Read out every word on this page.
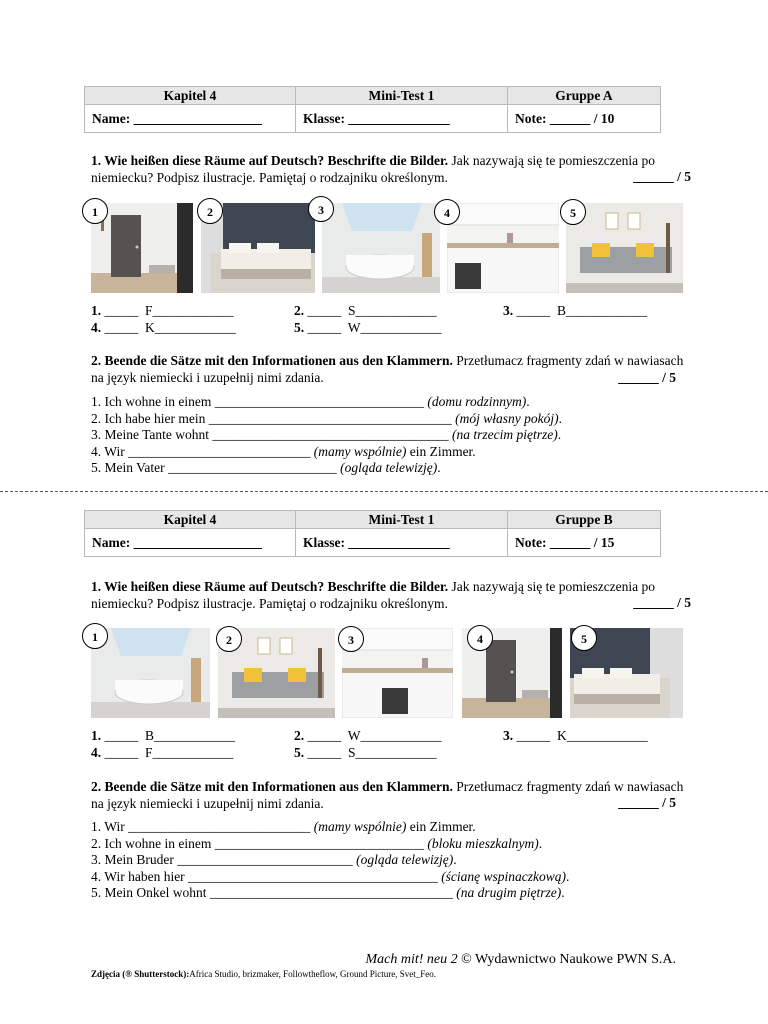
Kapitel 4	Mini-Test 1	Gruppe A
Name: ___________________	Klasse: _______________	Note: ______ / 10
1. Wie heißen diese Räume auf Deutsch? Beschrifte die Bilder. Jak nazywają się te pomieszczenia po niemiecku? Podpisz ilustracje. Pamiętaj o rodzajniku określonym.	______ / 5
1	2	3	4	5
1. _____ F____________	2. _____ S____________	3. _____ B____________
4. _____ K____________	5. _____ W____________
2. Beende die Sätze mit den Informationen aus den Klammern. Przetłumacz fragmenty zdań w nawiasach na język niemiecki i uzupełnij nimi zdania.	______ / 5
1. Ich wohne in einem _______________________________ (domu rodzinnym).
2. Ich habe hier mein ____________________________________ (mój własny pokój).
3. Meine Tante wohnt ___________________________________ (na trzecim piętrze).
4. Wir ___________________________ (mamy wspólnie) ein Zimmer.
5. Mein Vater _________________________ (ogląda telewizję).
Kapitel 4	Mini-Test 1	Gruppe B
Name: ___________________	Klasse: _______________	Note: ______ / 15
1. Wie heißen diese Räume auf Deutsch? Beschrifte die Bilder. Jak nazywają się te pomieszczenia po niemiecku? Podpisz ilustracje. Pamiętaj o rodzajniku określonym.	______ / 5
1	2	3	4	5
1. _____ B____________	2. _____ W____________	3. _____ K____________
4. _____ F____________	5. _____ S____________
2. Beende die Sätze mit den Informationen aus den Klammern. Przetłumacz fragmenty zdań w nawiasach na język niemiecki i uzupełnij nimi zdania.	______ / 5
1. Wir ___________________________ (mamy wspólnie) ein Zimmer.
2. Ich wohne in einem _______________________________ (bloku mieszkalnym).
3. Mein Bruder __________________________ (ogląda telewizję).
4. Wir haben hier _____________________________________ (ścianę wspinaczkową).
5. Mein Onkel wohnt ____________________________________ (na drugim piętrze).
Mach mit! neu 2 © Wydawnictwo Naukowe PWN S.A.
Zdjęcia (® Shutterstock):Africa Studio, brizmaker, Followtheflow, Ground Picture, Svet_Feo.
